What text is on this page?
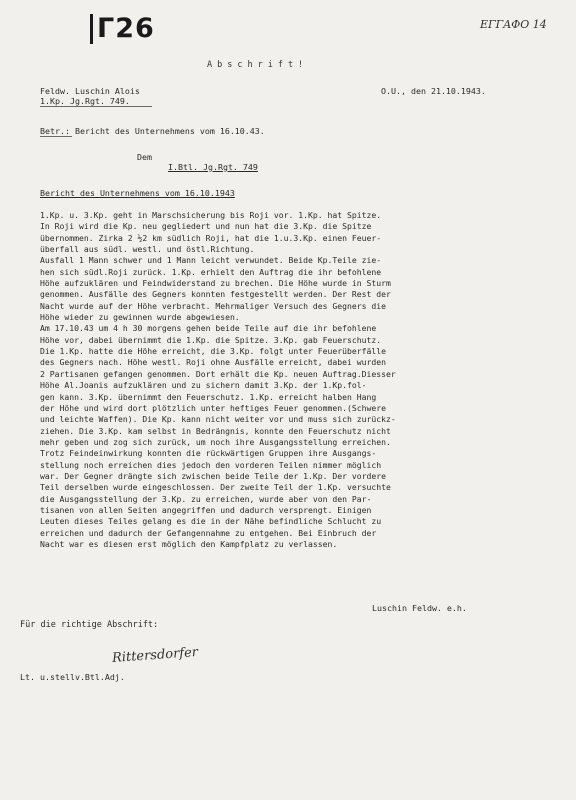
Г26	ΕΓΓΑΦΟ 14
Abschrift!
Feldw. Luschin Alois
1.Kp. Jg.Rgt. 749.
O.U., den 21.10.1943.
Betr.: Bericht des Unternehmens vom 16.10.43.
Dem
I.Btl. Jg.Rgt. 749
Bericht des Unternehmens vom 16.10.1943
1.Kp. u. 3.Kp. geht in Marschsicherung bis Roji vor. 1.Kp. hat Spitze.
In Roji wird die Kp. neu gegliedert und nun hat die 3.Kp. die Spitze
übernommen. Zirka 2 ½2 km südlich Roji, hat die 1.u.3.Kp. einen Feuer-
überfall aus südl. westl. und östl.Richtung.
Ausfall 1 Mann schwer und 1 Mann leicht verwundet. Beide Kp.Teile zie-
hen sich südl.Roji zurück. 1.Kp. erhielt den Auftrag die ihr befohlene
Höhe aufzuklären und Feindwiderstand zu brechen. Die Höhe wurde in Sturm
genommen. Ausfälle des Gegners konnten festgestellt werden. Der Rest der
Nacht wurde auf der Höhe verbracht. Mehrmaliger Versuch des Gegners die
Höhe wieder zu gewinnen wurde abgewiesen.
Am 17.10.43 um 4 h 30 morgens gehen beide Teile auf die ihr befohlene
Höhe vor, dabei übernimmt die 1.Kp. die Spitze. 3.Kp. gab Feuerschutz.
Die 1.Kp. hatte die Höhe erreicht, die 3.Kp. folgt unter Feuerüberfälle
des Gegners nach. Höhe westl. Roji ohne Ausfälle erreicht, dabei wurden
2 Partisanen gefangen genommen. Dort erhält die Kp. neuen Auftrag.Diesser
Höhe Al.Joanis aufzuklären und zu sichern damit 3.Kp. der 1.Kp.fol-
gen kann. 3.Kp. übernimmt den Feuerschutz. 1.Kp. erreicht halben Hang
der Höhe und wird dort plötzlich unter heftiges Feuer genommen.(Schwere
und leichte Waffen). Die Kp. kann nicht weiter vor und muss sich zurückz-
ziehen. Die 3.Kp. kam selbst in Bedrängnis, konnte den Feuerschutz nicht
mehr geben und zog sich zurück, um noch ihre Ausgangsstellung erreichen.
Trotz Feindeinwirkung konnten die rückwärtigen Gruppen ihre Ausgangs-
stellung noch erreichen dies jedoch den vorderen Teilen nimmer möglich
war. Der Gegner drängte sich zwischen beide Teile der 1.Kp. Der vordere
Teil derselben wurde eingeschlossen. Der zweite Teil der 1.Kp. versuchte
die Ausgangsstellung der 3.Kp. zu erreichen, wurde aber von den Par-
tisanen von allen Seiten angegriffen und dadurch versprengt. Einigen
Leuten dieses Teiles gelang es die in der Nähe befindliche Schlucht zu
erreichen und dadurch der Gefangennahme zu entgehen. Bei Einbruch der
Nacht war es diesen erst möglich den Kampfplatz zu verlassen.
Luschin Feldw. e.h.
Für die richtige Abschrift:
Rittersdorfer
Lt. u.stellv.Btl.Adj.
